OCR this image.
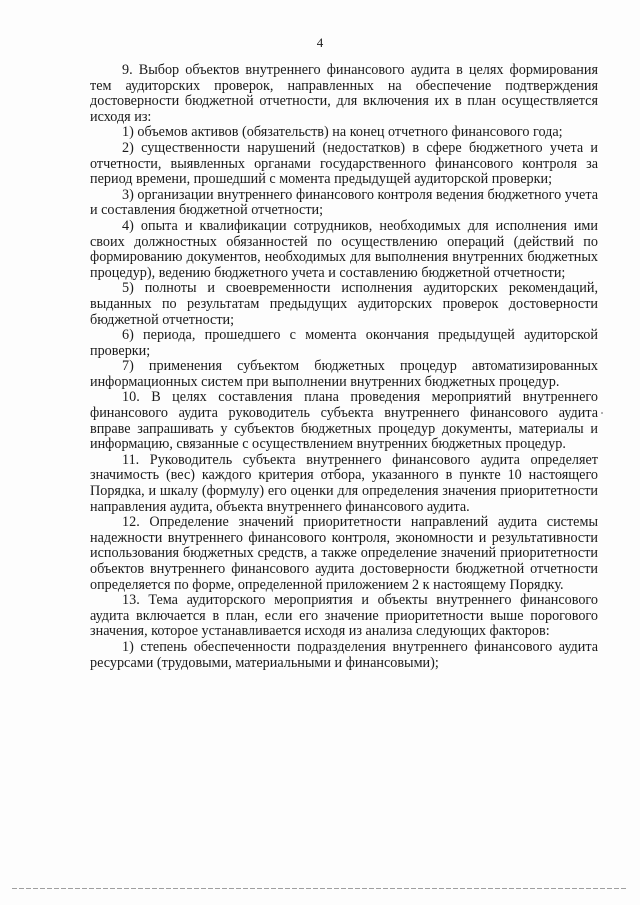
4

9. Выбор объектов внутреннего финансового аудита в целях формирования тем аудиторских проверок, направленных на обеспечение подтверждения достоверности бюджетной отчетности, для включения их в план осуществляется исходя из:

1) объемов активов (обязательств) на конец отчетного финансового года;

2) существенности нарушений (недостатков) в сфере бюджетного учета и отчетности, выявленных органами государственного финансового контроля за период времени, прошедший с момента предыдущей аудиторской проверки;

3) организации внутреннего финансового контроля ведения бюджетного учета и составления бюджетной отчетности;

4) опыта и квалификации сотрудников, необходимых для исполнения ими своих должностных обязанностей по осуществлению операций (действий по формированию документов, необходимых для выполнения внутренних бюджетных процедур), ведению бюджетного учета и составлению бюджетной отчетности;

5) полноты и своевременности исполнения аудиторских рекомендаций, выданных по результатам предыдущих аудиторских проверок достоверности бюджетной отчетности;

6) периода, прошедшего с момента окончания предыдущей аудиторской проверки;

7) применения субъектом бюджетных процедур автоматизированных информационных систем при выполнении внутренних бюджетных процедур.

10. В целях составления плана проведения мероприятий внутреннего финансового аудита руководитель субъекта внутреннего финансового аудита вправе запрашивать у субъектов бюджетных процедур документы, материалы и информацию, связанные с осуществлением внутренних бюджетных процедур.

11. Руководитель субъекта внутреннего финансового аудита определяет значимость (вес) каждого критерия отбора, указанного в пункте 10 настоящего Порядка, и шкалу (формулу) его оценки для определения значения приоритетности направления аудита, объекта внутреннего финансового аудита.

12. Определение значений приоритетности направлений аудита системы надежности внутреннего финансового контроля, экономности и результативности использования бюджетных средств, а также определение значений приоритетности объектов внутреннего финансового аудита достоверности бюджетной отчетности определяется по форме, определенной приложением 2 к настоящему Порядку.

13. Тема аудиторского мероприятия и объекты внутреннего финансового аудита включается в план, если его значение приоритетности выше порогового значения, которое устанавливается исходя из анализа следующих факторов:

1) степень обеспеченности подразделения внутреннего финансового аудита ресурсами (трудовыми, материальными и финансовыми);
